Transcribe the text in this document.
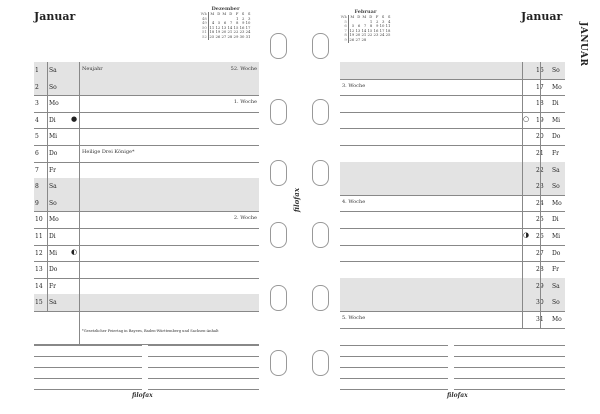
Januar	Januar
JANUAR
Dezember
Wk	M	D	M	D	F	S	S
48					1	2	3
49	4	5	6	7	8	9	10
50	11	12	13	14	15	16	17
51	18	19	20	21	22	23	24
52	25	26	27	28	29	30	31
Februar
Wk	M	D	M	D	F	S	S
5				1	2	3	4
6	5	6	7	8	9	10	11
7	12	13	14	15	16	17	18
8	19	20	21	22	23	24	25
9	26	27	28				
1 Sa	Neujahr	52. Woche
2 So
3 Mo	1. Woche
4 Di ●
5 Mi
6 Do	Heilige Drei Könige*
7 Fr
8 Sa
9 So
10 Mo	2. Woche
11 Di
12 Mi ◐
13 Do
14 Fr
15 Sa
16 So
3. Woche	17 Mo
18 Di
○ 19 Mi
20 Do
21 Fr
22 Sa
23 So
4. Woche	24 Mo
25 Di
◑ 26 Mi
27 Do
28 Fr
29 Sa
30 So
5. Woche	31 Mo
filofax
filofax	filofax
*Gesetzlicher Feiertag in Bayern, Baden-Württemberg und Sachsen-Anhalt
